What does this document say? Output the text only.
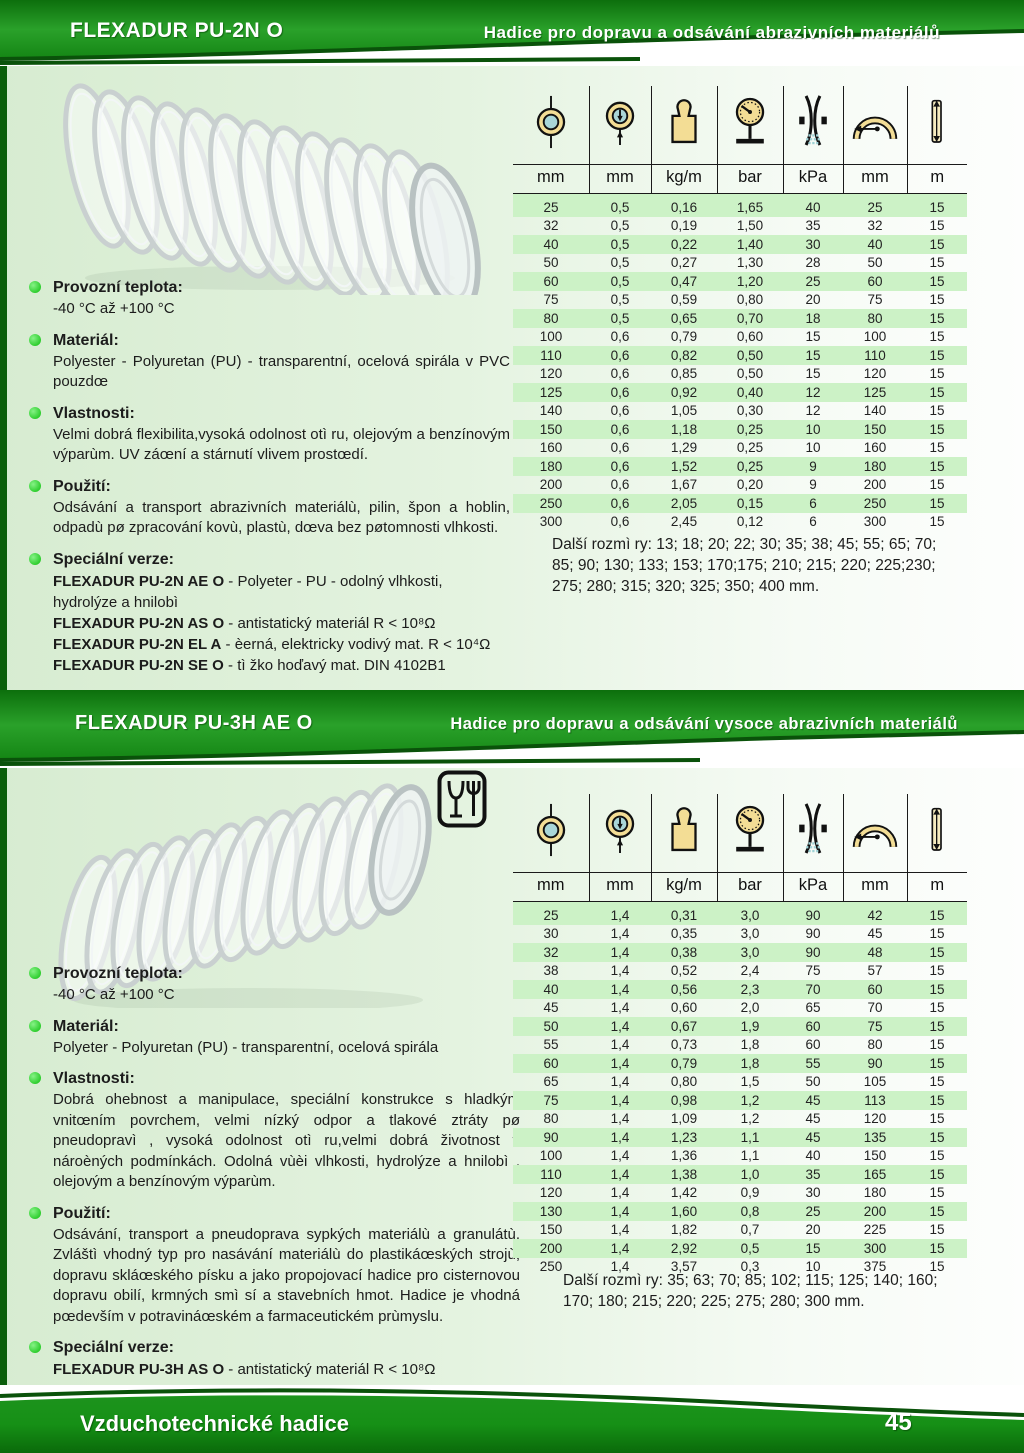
FLEXADUR PU-2N O	Hadice pro dopravu a odsávání abrazivních materiálů
Provozní teplota:

-40 °C až +100 °C

Materiál:

Polyester - Polyuretan (PU) - transparentní, ocelová spirála v PVC pouzdœ

Vlastnosti:

Velmi dobrá flexibilita,vysoká odolnost otì ru, olejovým a benzínovým výparùm. UV záœní a stárnutí vlivem prostœdí.

Použití:

Odsávání a transport abrazivních materiálù, pilin, špon a hoblin, odpadù pø zpracování kovù, plastù, dœva bez pøtomnosti vlhkosti.

Speciální verze:
FLEXADUR PU-2N AE O - Polyeter - PU - odolný vlhkosti, hydrolýze a hnilobì
FLEXADUR PU-2N AS O - antistatický materiál R < 10⁸Ω
FLEXADUR PU-2N EL A - èerná, elektricky vodivý mat. R < 10⁴Ω
FLEXADUR PU-2N SE O - tì žko hoďavý mat. DIN 4102B1

mm	mm	kg/m	bar	kPa	mm	m
25	0,5	0,16	1,65	40	25	15
32	0,5	0,19	1,50	35	32	15
40	0,5	0,22	1,40	30	40	15
50	0,5	0,27	1,30	28	50	15
60	0,5	0,47	1,20	25	60	15
75	0,5	0,59	0,80	20	75	15
80	0,5	0,65	0,70	18	80	15
100	0,6	0,79	0,60	15	100	15
110	0,6	0,82	0,50	15	110	15
120	0,6	0,85	0,50	15	120	15
125	0,6	0,92	0,40	12	125	15
140	0,6	1,05	0,30	12	140	15
150	0,6	1,18	0,25	10	150	15
160	0,6	1,29	0,25	10	160	15
180	0,6	1,52	0,25	9	180	15
200	0,6	1,67	0,20	9	200	15
250	0,6	2,05	0,15	6	250	15
300	0,6	2,45	0,12	6	300	15
Další rozmì ry: 13; 18; 20; 22; 30; 35; 38; 45; 55; 65; 70; 85; 90; 130; 133; 153; 170;175; 210; 215; 220; 225;230; 275; 280; 315; 320; 325; 350; 400 mm.
FLEXADUR PU-3H AE O	Hadice pro dopravu a odsávání vysoce abrazivních materiálů
Provozní teplota:

-40 °C až +100 °C

Materiál:

Polyeter - Polyuretan (PU) - transparentní, ocelová spirála

Vlastnosti:

Dobrá ohebnost a manipulace, speciální konstrukce s hladkým vnitœním povrchem, velmi nízký odpor a tlakové ztráty pø pneudopravì , vysoká odolnost otì ru,velmi dobrá životnost v nároèných podmínkách. Odolná vùèi vlhkosti, hydrolýze a hnilobì , olejovým a benzínovým výparùm.

Použití:

Odsávání, transport a pneudoprava sypkých materiálù a granulátù. Zvláštì vhodný typ pro nasávání materiálù do plastikáœských strojù, dopravu skláœského písku a jako propojovací hadice pro cisternovou dopravu obilí, krmných smì sí a stavebních hmot. Hadice je vhodná pœdevším v potravináœském a farmaceutickém prùmyslu.

Speciální verze:
FLEXADUR PU-3H AS O - antistatický materiál R < 10⁸Ω

mm	mm	kg/m	bar	kPa	mm	m
25	1,4	0,31	3,0	90	42	15
30	1,4	0,35	3,0	90	45	15
32	1,4	0,38	3,0	90	48	15
38	1,4	0,52	2,4	75	57	15
40	1,4	0,56	2,3	70	60	15
45	1,4	0,60	2,0	65	70	15
50	1,4	0,67	1,9	60	75	15
55	1,4	0,73	1,8	60	80	15
60	1,4	0,79	1,8	55	90	15
65	1,4	0,80	1,5	50	105	15
75	1,4	0,98	1,2	45	113	15
80	1,4	1,09	1,2	45	120	15
90	1,4	1,23	1,1	45	135	15
100	1,4	1,36	1,1	40	150	15
110	1,4	1,38	1,0	35	165	15
120	1,4	1,42	0,9	30	180	15
130	1,4	1,60	0,8	25	200	15
150	1,4	1,82	0,7	20	225	15
200	1,4	2,92	0,5	15	300	15
250	1,4	3,57	0,3	10	375	15
Další rozmì ry: 35; 63; 70; 85; 102; 115; 125; 140; 160; 170; 180; 215; 220; 225; 275; 280; 300 mm.
Vzduchotechnické hadice	45
